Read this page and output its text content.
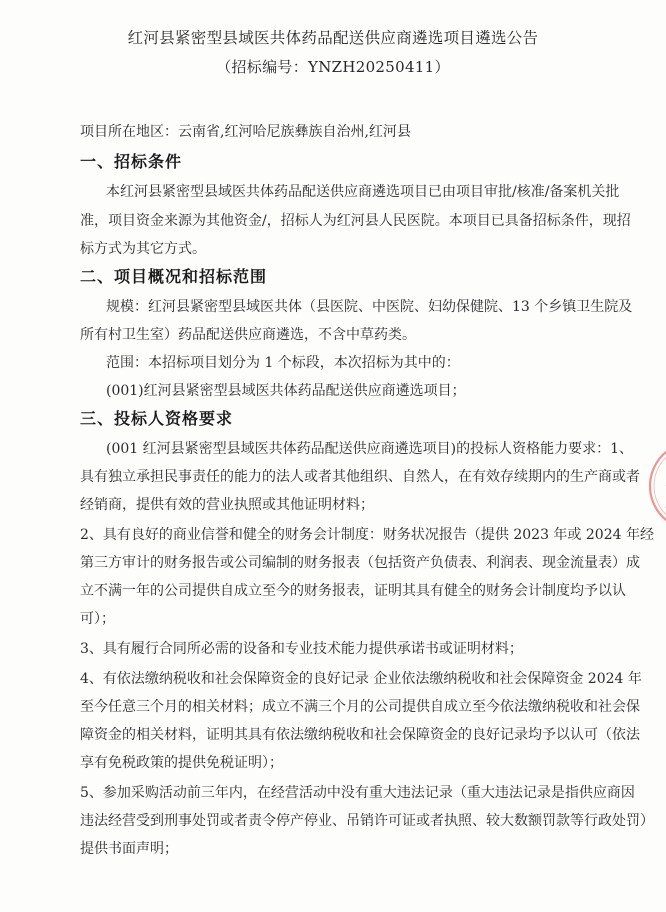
红河县紧密型县域医共体药品配送供应商遴选项目遴选公告
（招标编号：YNZH20250411）
项目所在地区：云南省,红河哈尼族彝族自治州,红河县
一、招标条件
本红河县紧密型县域医共体药品配送供应商遴选项目已由项目审批/核准/备案机关批
准，项目资金来源为其他资金/，招标人为红河县人民医院。本项目已具备招标条件，现招
标方式为其它方式。
二、项目概况和招标范围
规模：红河县紧密型县域医共体（县医院、中医院、妇幼保健院、13 个乡镇卫生院及
所有村卫生室）药品配送供应商遴选，不含中草药类。
范围：本招标项目划分为 1 个标段，本次招标为其中的：
(001)红河县紧密型县域医共体药品配送供应商遴选项目；
三、投标人资格要求
(001 红河县紧密型县域医共体药品配送供应商遴选项目)的投标人资格能力要求：1、
具有独立承担民事责任的能力的法人或者其他组织、自然人，在有效存续期内的生产商或者
经销商，提供有效的营业执照或其他证明材料；
2、具有良好的商业信誉和健全的财务会计制度：财务状况报告（提供 2023 年或 2024 年经
第三方审计的财务报告或公司编制的财务报表（包括资产负债表、利润表、现金流量表）成
立不满一年的公司提供自成立至今的财务报表，证明其具有健全的财务会计制度均予以认
可）；
3、具有履行合同所必需的设备和专业技术能力提供承诺书或证明材料；
4、有依法缴纳税收和社会保障资金的良好记录 企业依法缴纳税收和社会保障资金 2024 年
至今任意三个月的相关材料；成立不满三个月的公司提供自成立至今依法缴纳税收和社会保
障资金的相关材料，证明其具有依法缴纳税收和社会保障资金的良好记录均予以认可（依法
享有免税政策的提供免税证明）；
5、参加采购活动前三年内，在经营活动中没有重大违法记录（重大违法记录是指供应商因
违法经营受到刑事处罚或者责令停产停业、吊销许可证或者执照、较大数额罚款等行政处罚）
提供书面声明；
